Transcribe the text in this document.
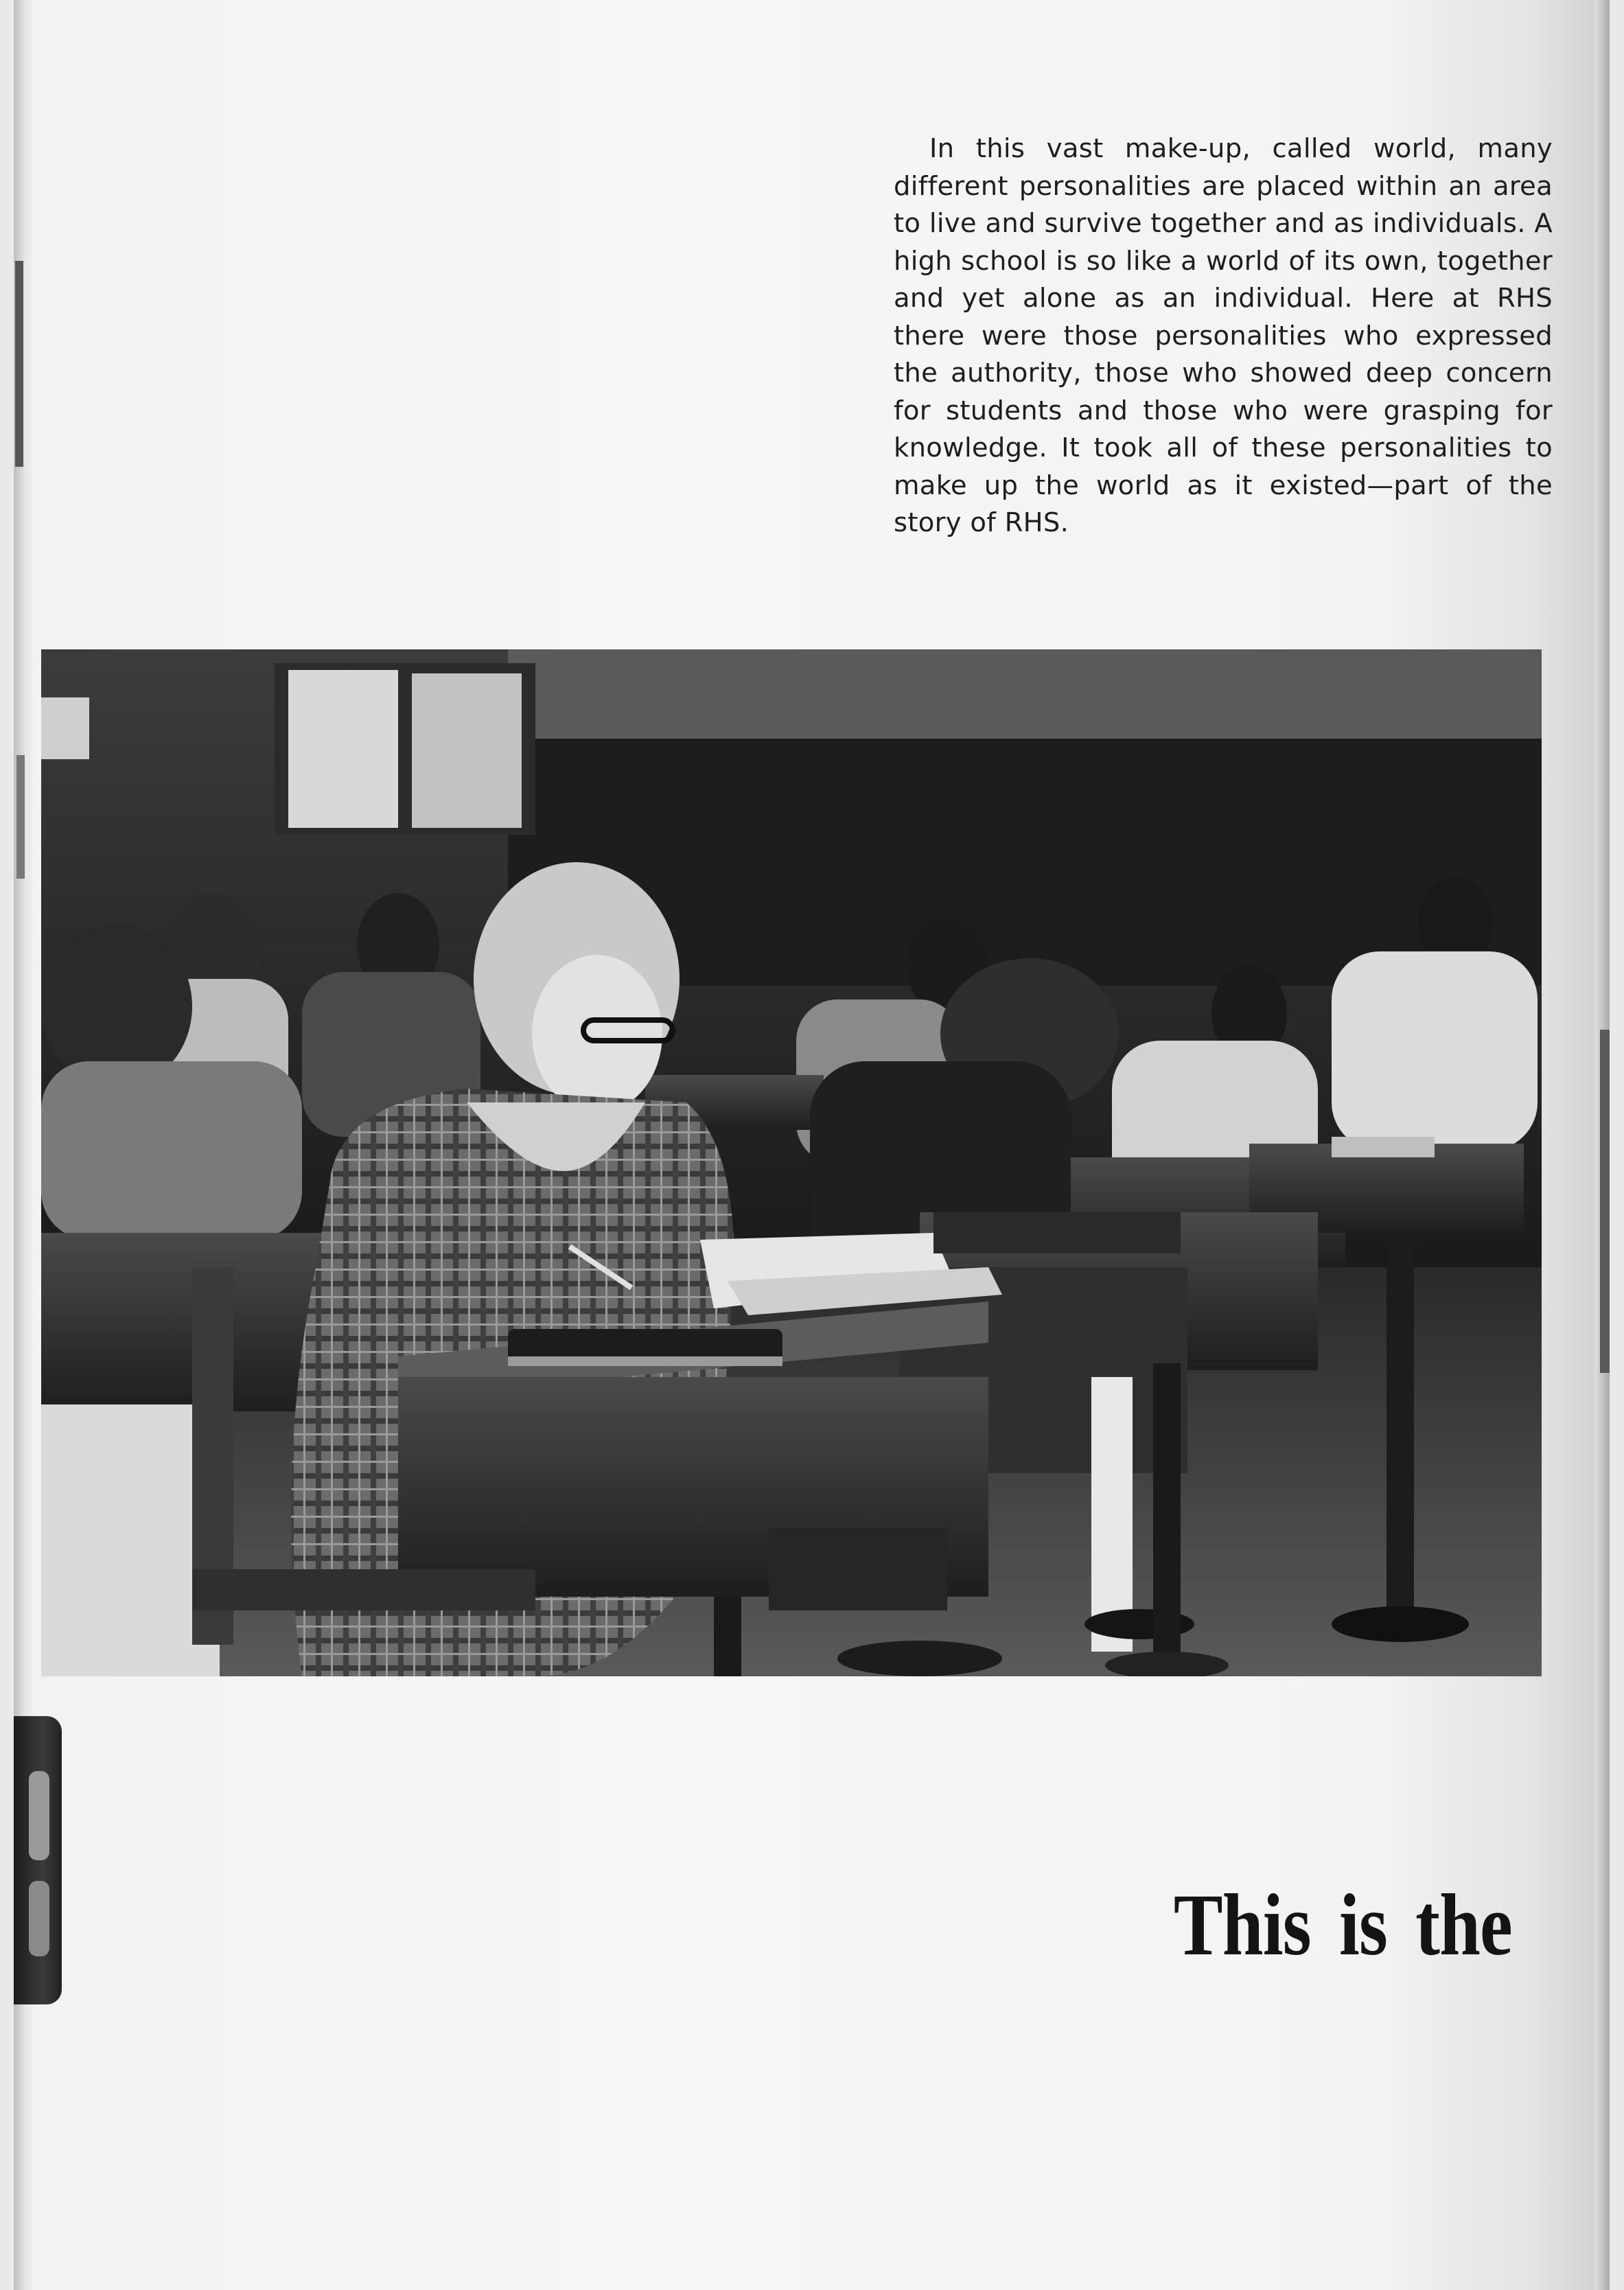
In this vast make-up, called world, many different personalities are placed within an area to live and survive together and as individuals. A high school is so like a world of its own, together and yet alone as an individual. Here at RHS there were those personalities who expressed the authority, those who showed deep concern for students and those who were grasping for knowledge. It took all of these personalities to make up the world as it existed—part of the story of RHS.

This is the
